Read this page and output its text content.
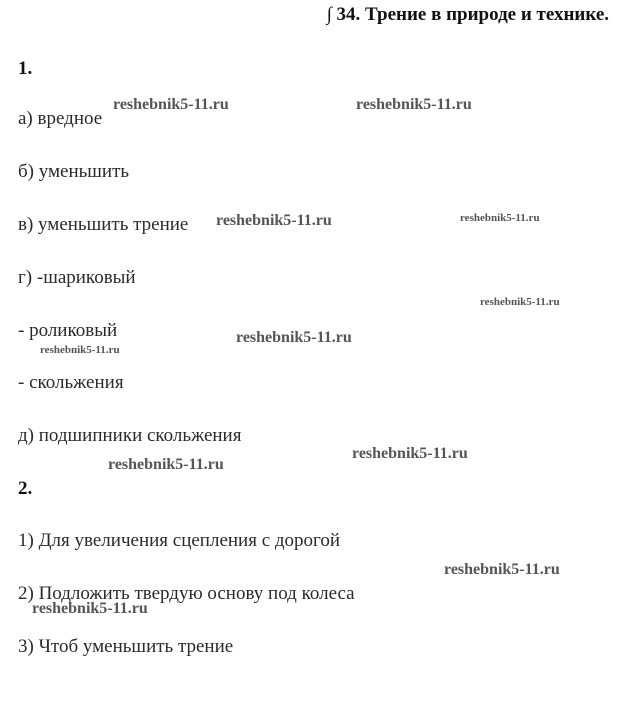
∫ 34. Трение в природе и технике.
1.
а) вредное
б) уменьшить
в) уменьшить трение
г) -шариковый
- роликовый
- скольжения
д) подшипники скольжения
2.
1) Для увеличения сцепления с дорогой
2) Подложить твердую основу под колеса
3) Чтоб уменьшить трение
reshebnik5-11.ru	reshebnik5-11.ru
reshebnik5-11.ru	reshebnik5-11.ru
reshebnik5-11.ru
reshebnik5-11.ru
reshebnik5-11.ru
reshebnik5-11.ru
reshebnik5-11.ru
reshebnik5-11.ru
reshebnik5-11.ru
